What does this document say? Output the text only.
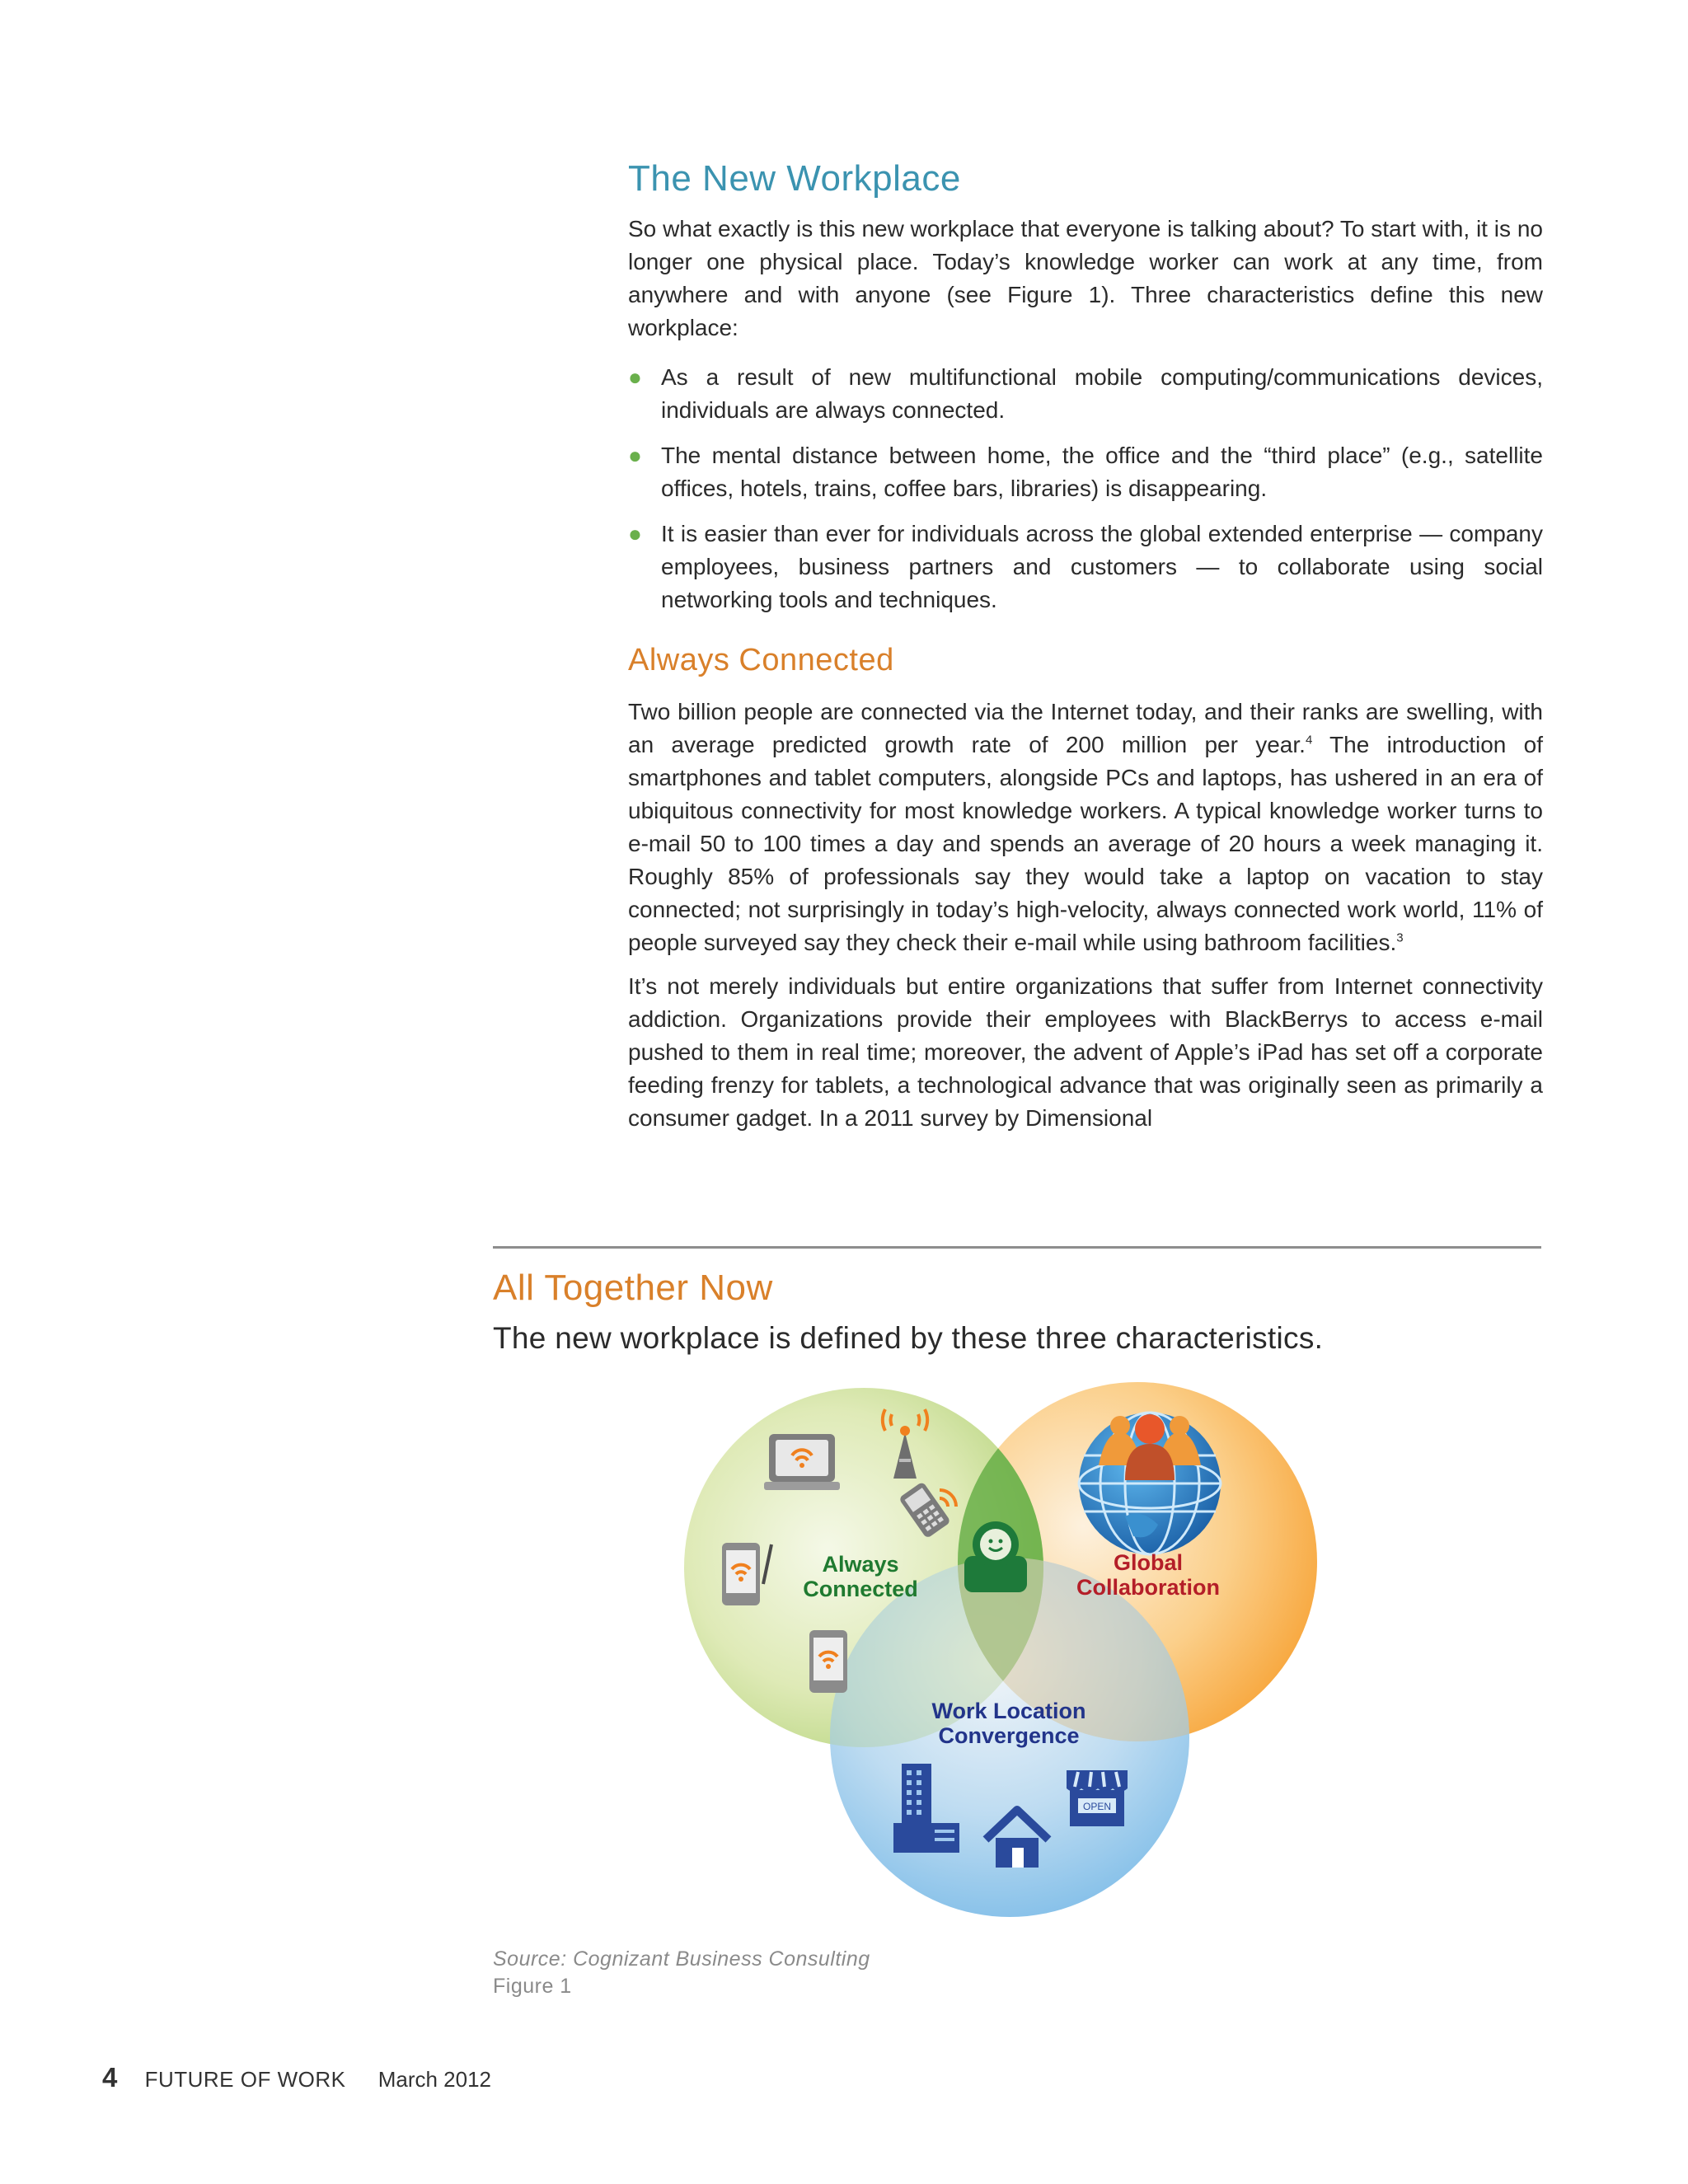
The New Workplace

So what exactly is this new workplace that everyone is talking about? To start with, it is no longer one physical place. Today’s knowledge worker can work at any time, from anywhere and with anyone (see Figure 1). Three characteristics define this new workplace:

● As a result of new multifunctional mobile computing/communications devices, individuals are always connected.
● The mental distance between home, the office and the “third place” (e.g., satellite offices, hotels, trains, coffee bars, libraries) is disappearing.
● It is easier than ever for individuals across the global extended enterprise — company employees, business partners and customers — to collaborate using social networking tools and techniques.
Always Connected

Two billion people are connected via the Internet today, and their ranks are swelling, with an average predicted growth rate of 200 million per year.$^4$ The introduction of smartphones and tablet computers, alongside PCs and laptops, has ushered in an era of ubiquitous connectivity for most knowledge workers. A typical knowledge worker turns to e-mail 50 to 100 times a day and spends an average of 20 hours a week managing it. Roughly 85% of professionals say they would take a laptop on vacation to stay connected; not surprisingly in today’s high-velocity, always connected work world, 11% of people surveyed say they check their e-mail while using bathroom facilities.$^3$

It’s not merely individuals but entire organizations that suffer from Internet connectivity addiction. Organizations provide their employees with BlackBerrys to access e-mail pushed to them in real time; moreover, the advent of Apple’s iPad has set off a corporate feeding frenzy for tablets, a technological advance that was originally seen as primarily a consumer gadget. In a 2011 survey by Dimensional

All Together Now
The new workplace is defined by these three characteristics.
OPEN
Always
Connected
Global
Collaboration
Work Location
Convergence
Source: Cognizant Business Consulting
Figure 1
4 FUTURE OF WORK March 2012
